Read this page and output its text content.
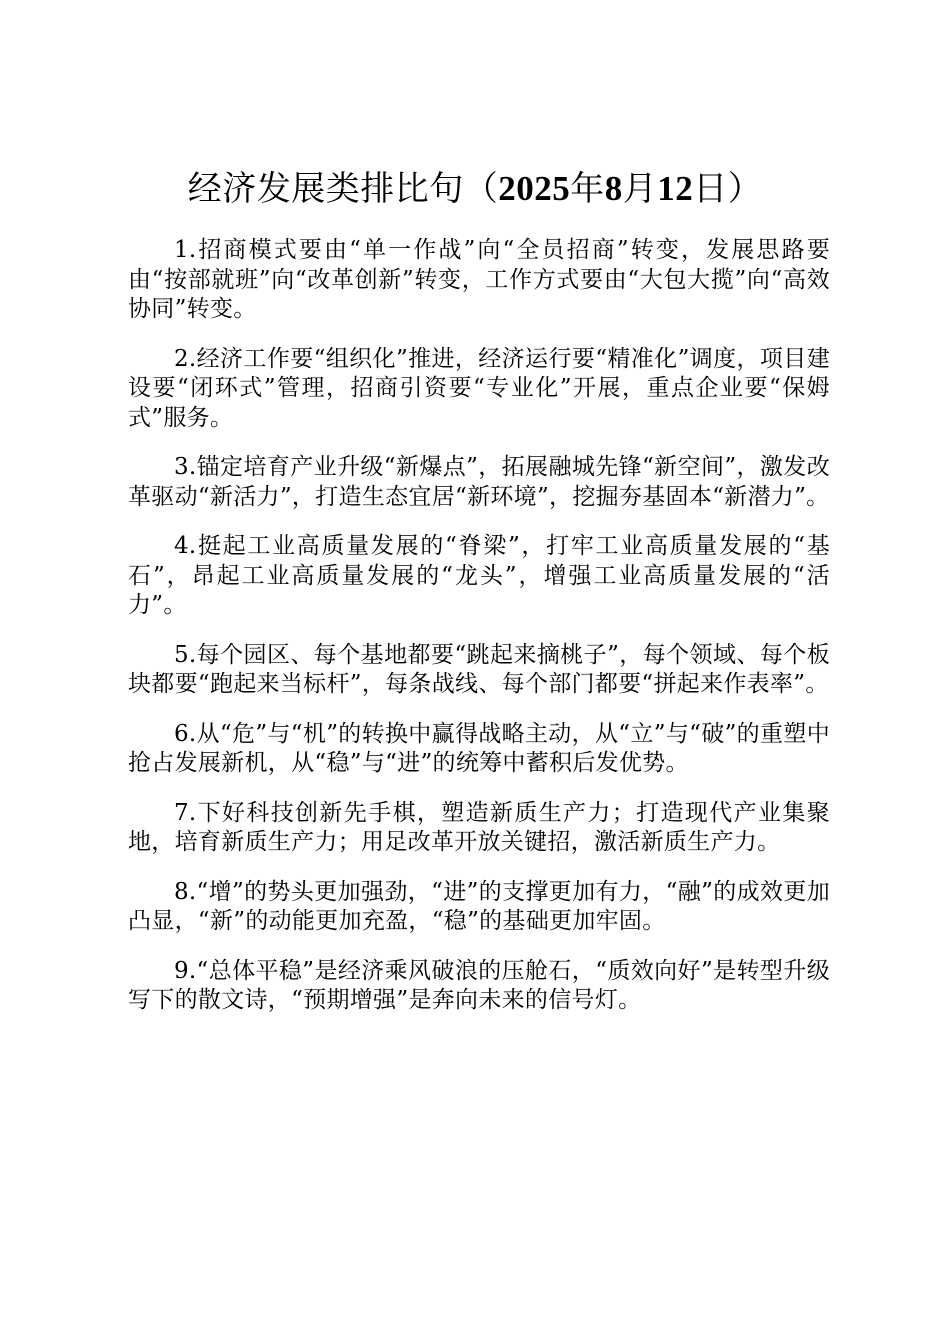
经济发展类排比句（2025年8月12日）

1.招商模式要由“单一作战”向“全员招商”转变，发展思路要由“按部就班”向“改革创新”转变，工作方式要由“大包大揽”向“高效协同”转变。

2.经济工作要“组织化”推进，经济运行要“精准化”调度，项目建设要“闭环式”管理，招商引资要“专业化”开展，重点企业要“保姆式”服务。

3.锚定培育产业升级“新爆点”，拓展融城先锋“新空间”，激发改革驱动“新活力”，打造生态宜居“新环境”，挖掘夯基固本“新潜力”。

4.挺起工业高质量发展的“脊梁”，打牢工业高质量发展的“基石”，昂起工业高质量发展的“龙头”，增强工业高质量发展的“活力”。

5.每个园区、每个基地都要“跳起来摘桃子”，每个领域、每个板块都要“跑起来当标杆”，每条战线、每个部门都要“拼起来作表率”。

6.从“危”与“机”的转换中赢得战略主动，从“立”与“破”的重塑中抢占发展新机，从“稳”与“进”的统筹中蓄积后发优势。

7.下好科技创新先手棋，塑造新质生产力；打造现代产业集聚地，培育新质生产力；用足改革开放关键招，激活新质生产力。

8.“增”的势头更加强劲，“进”的支撑更加有力，“融”的成效更加凸显，“新”的动能更加充盈，“稳”的基础更加牢固。

9.“总体平稳”是经济乘风破浪的压舱石，“质效向好”是转型升级写下的散文诗，“预期增强”是奔向未来的信号灯。
